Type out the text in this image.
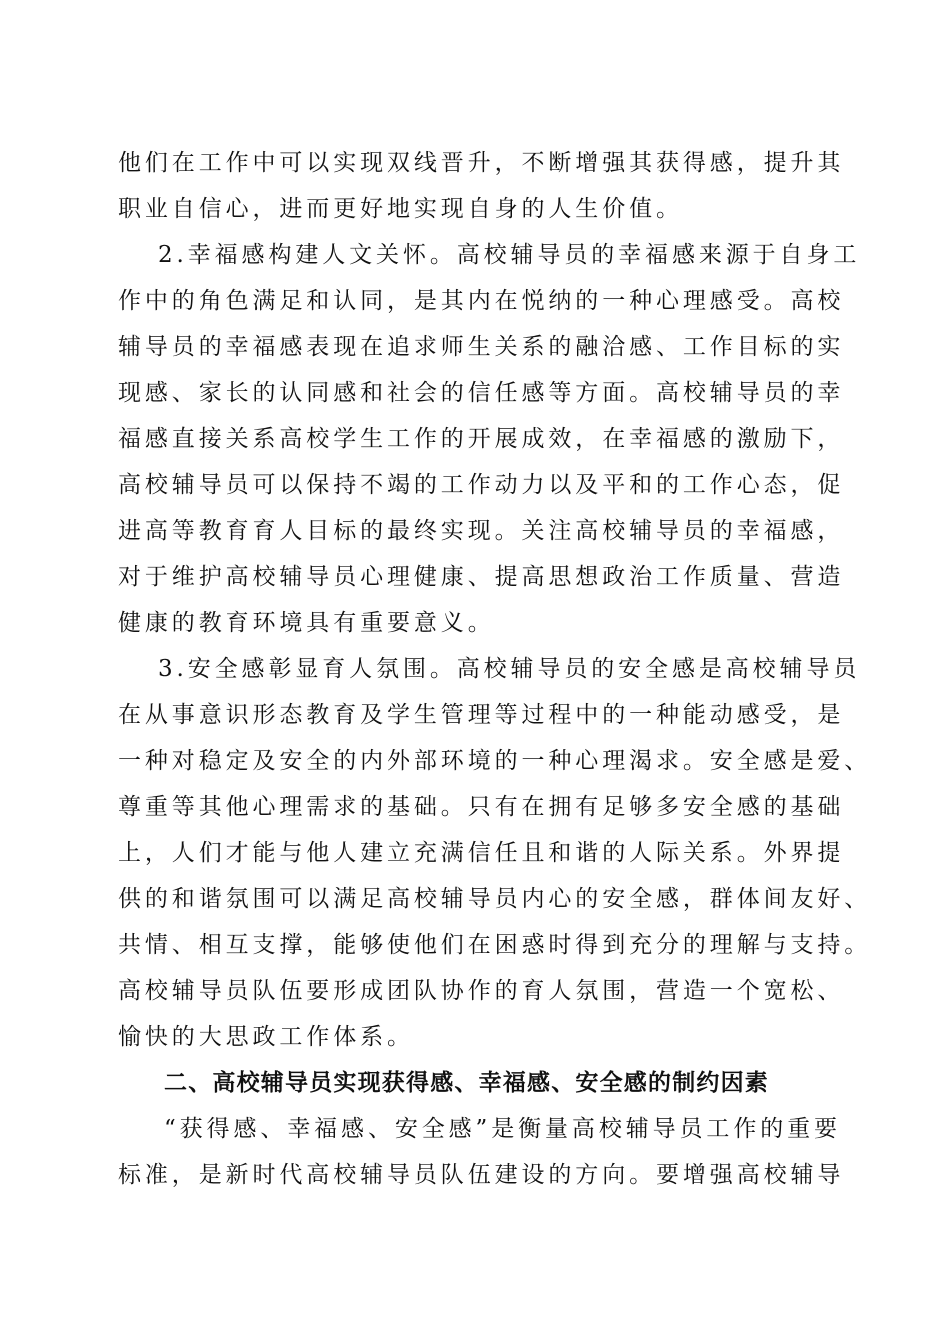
他们在工作中可以实现双线晋升，不断增强其获得感，提升其
职业自信心，进而更好地实现自身的人生价值。
2.幸福感构建人文关怀。高校辅导员的幸福感来源于自身工
作中的角色满足和认同，是其内在悦纳的一种心理感受。高校
辅导员的幸福感表现在追求师生关系的融洽感、工作目标的实
现感、家长的认同感和社会的信任感等方面。高校辅导员的幸
福感直接关系高校学生工作的开展成效，在幸福感的激励下，
高校辅导员可以保持不竭的工作动力以及平和的工作心态，促
进高等教育育人目标的最终实现。关注高校辅导员的幸福感，
对于维护高校辅导员心理健康、提高思想政治工作质量、营造
健康的教育环境具有重要意义。
3.安全感彰显育人氛围。高校辅导员的安全感是高校辅导员
在从事意识形态教育及学生管理等过程中的一种能动感受，是
一种对稳定及安全的内外部环境的一种心理渴求。安全感是爱、
尊重等其他心理需求的基础。只有在拥有足够多安全感的基础
上，人们才能与他人建立充满信任且和谐的人际关系。外界提
供的和谐氛围可以满足高校辅导员内心的安全感，群体间友好、
共情、相互支撑，能够使他们在困惑时得到充分的理解与支持。
高校辅导员队伍要形成团队协作的育人氛围，营造一个宽松、
愉快的大思政工作体系。
二、高校辅导员实现获得感、幸福感、安全感的制约因素
“获得感、幸福感、安全感”是衡量高校辅导员工作的重要
标准，是新时代高校辅导员队伍建设的方向。要增强高校辅导
